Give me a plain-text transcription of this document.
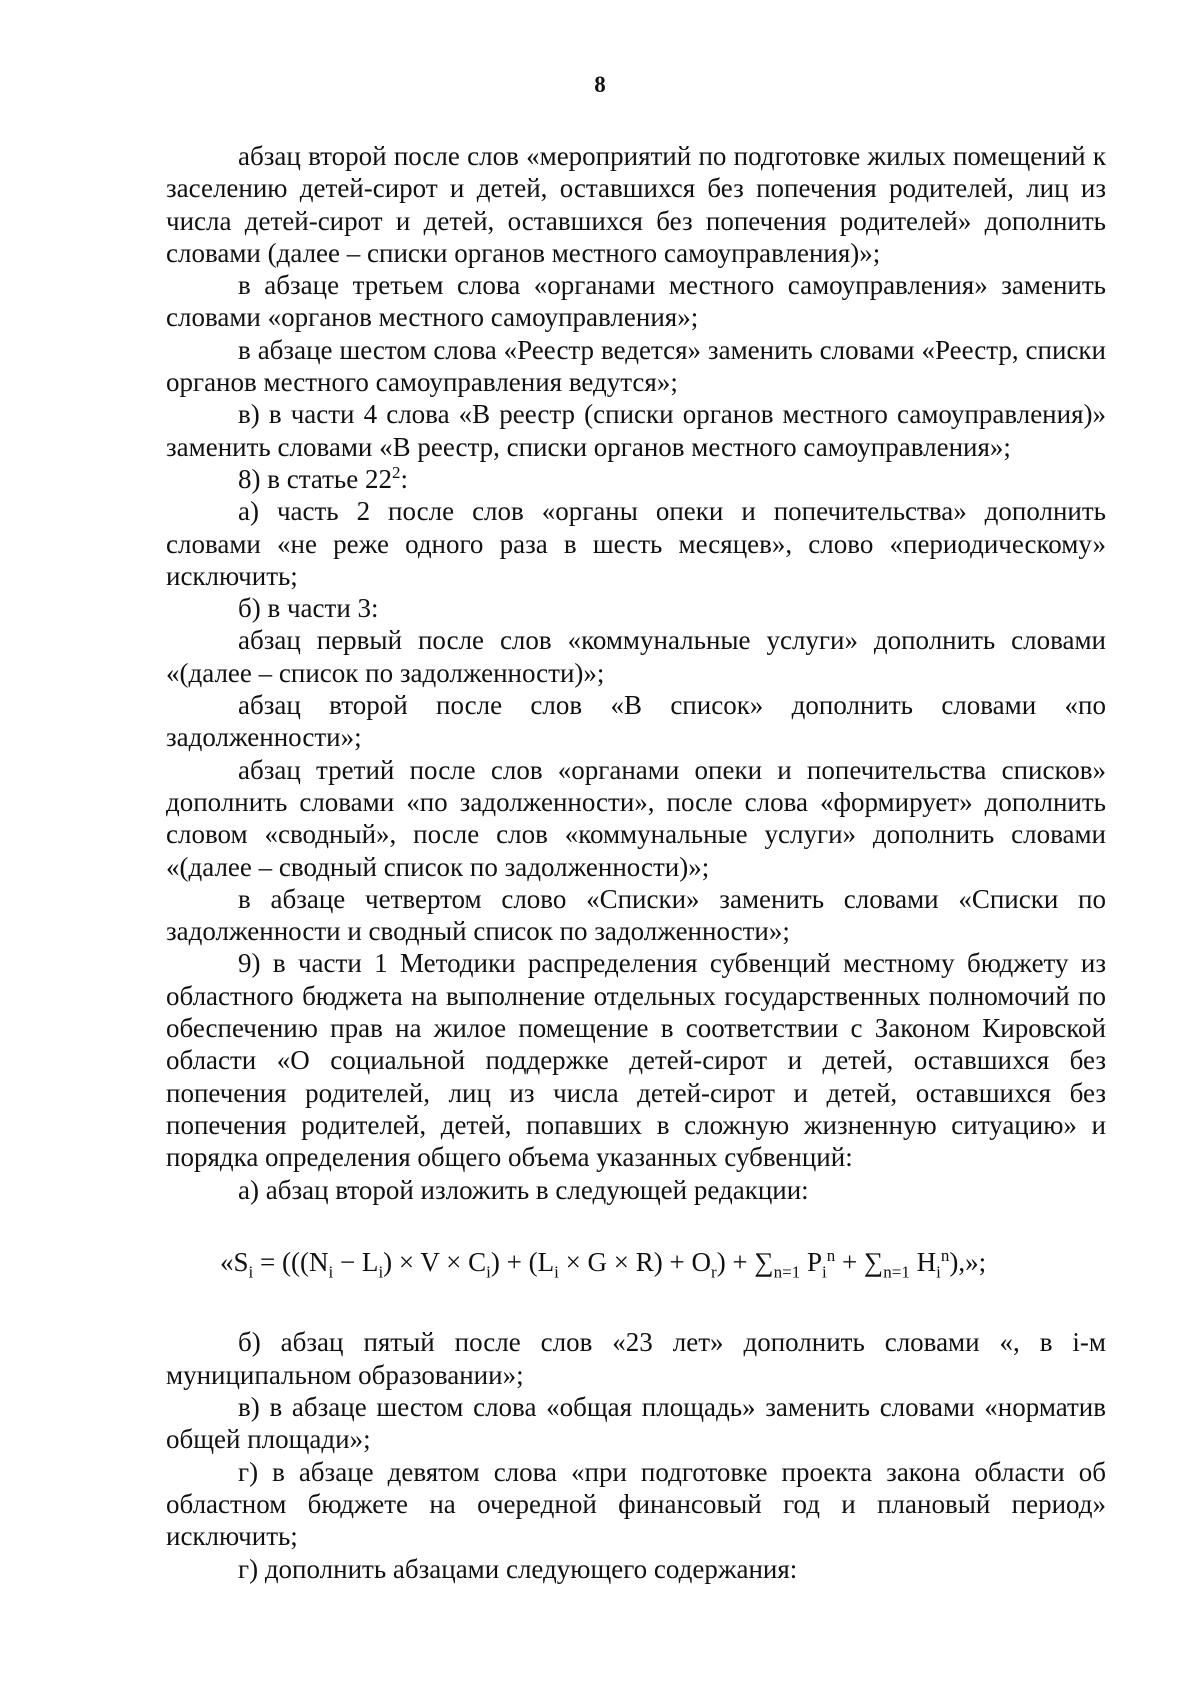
8

абзац второй после слов «мероприятий по подготовке жилых помещений к заселению детей-сирот и детей, оставшихся без попечения родителей, лиц из числа детей-сирот и детей, оставшихся без попечения родителей» дополнить словами (далее – списки органов местного самоуправления)»;

в абзаце третьем слова «органами местного самоуправления» заменить словами «органов местного самоуправления»;

в абзаце шестом слова «Реестр ведется» заменить словами «Реестр, списки органов местного самоуправления ведутся»;

в) в части 4 слова «В реестр (списки органов местного самоуправления)» заменить словами «В реестр, списки органов местного самоуправления»;

8) в статье $22^2$:

а) часть 2 после слов «органы опеки и попечительства» дополнить словами «не реже одного раза в шесть месяцев», слово «периодическому» исключить;

б) в части 3:

абзац первый после слов «коммунальные услуги» дополнить словами «(далее – список по задолженности)»;

абзац второй после слов «В список» дополнить словами «по задолженности»;

абзац третий после слов «органами опеки и попечительства списков» дополнить словами «по задолженности», после слова «формирует» дополнить словом «сводный», после слов «коммунальные услуги» дополнить словами «(далее – сводный список по задолженности)»;

в абзаце четвертом слово «Списки» заменить словами «Списки по задолженности и сводный список по задолженности»;

9) в части 1 Методики распределения субвенций местному бюджету из областного бюджета на выполнение отдельных государственных полномочий по обеспечению прав на жилое помещение в соответствии с Законом Кировской области «О социальной поддержке детей-сирот и детей, оставшихся без попечения родителей, лиц из числа детей-сирот и детей, оставшихся без попечения родителей, детей, попавших в сложную жизненную ситуацию» и порядка определения общего объема указанных субвенций:

а) абзац второй изложить в следующей редакции:

«$S_i = (((N_i - L_i) \times V \times C_i) + (L_i \times G \times R) + O_r) + \sum_{n=1}$ $P_i^n + \sum_{n=1}$ $H_i^n$),»;

б) абзац пятый после слов «23 лет» дополнить словами «, в i-м муниципальном образовании»;

в) в абзаце шестом слова «общая площадь» заменить словами «норматив общей площади»;

г) в абзаце девятом слова «при подготовке проекта закона области об областном бюджете на очередной финансовый год и плановый период» исключить;

г) дополнить абзацами следующего содержания:
